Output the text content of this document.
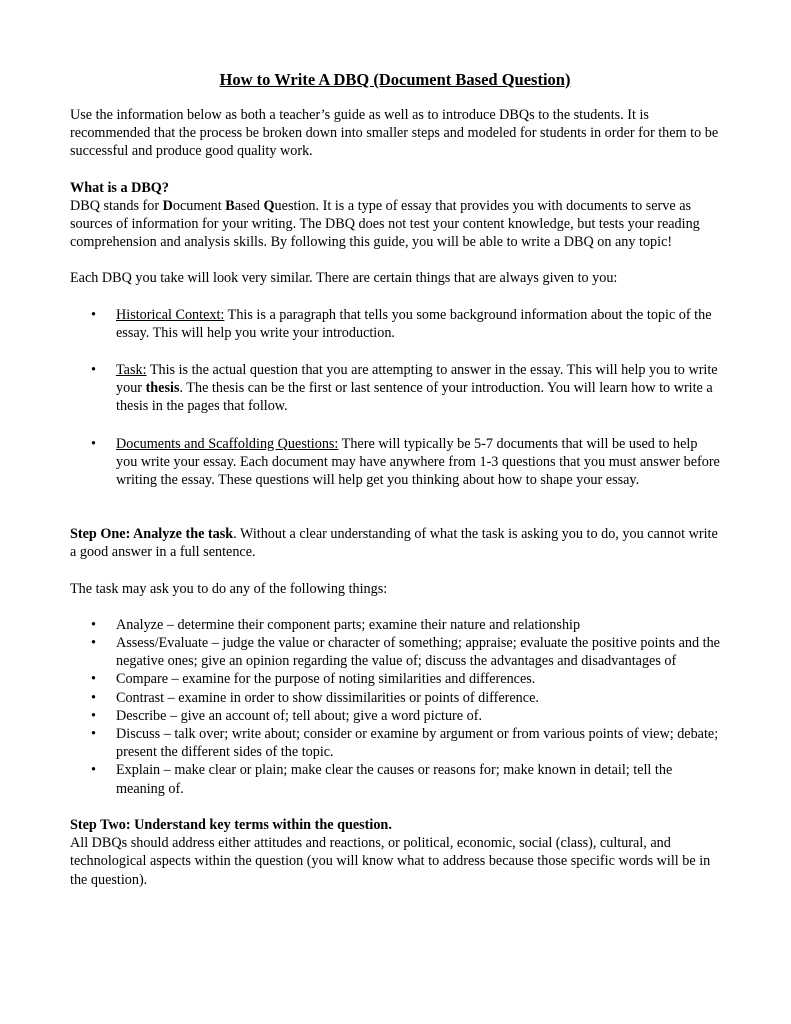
How to Write A DBQ (Document Based Question)

Use the information below as both a teacher’s guide as well as to introduce DBQs to the students. It is recommended that the process be broken down into smaller steps and modeled for students in order for them to be successful and produce good quality work.

What is a DBQ?

DBQ stands for Document Based Question. It is a type of essay that provides you with documents to serve as sources of information for your writing. The DBQ does not test your content knowledge, but tests your reading comprehension and analysis skills. By following this guide, you will be able to write a DBQ on any topic!

Each DBQ you take will look very similar. There are certain things that are always given to you:

• Historical Context: This is a paragraph that tells you some background information about the topic of the essay. This will help you write your introduction.
• Task: This is the actual question that you are attempting to answer in the essay. This will help you to write your thesis. The thesis can be the first or last sentence of your introduction. You will learn how to write a thesis in the pages that follow.
• Documents and Scaffolding Questions: There will typically be 5-7 documents that will be used to help you write your essay. Each document may have anywhere from 1-3 questions that you must answer before writing the essay. These questions will help get you thinking about how to shape your essay.

Step One: Analyze the task. Without a clear understanding of what the task is asking you to do, you cannot write a good answer in a full sentence.

The task may ask you to do any of the following things:

• Analyze – determine their component parts; examine their nature and relationship
• Assess/Evaluate – judge the value or character of something; appraise; evaluate the positive points and the negative ones; give an opinion regarding the value of; discuss the advantages and disadvantages of
• Compare – examine for the purpose of noting similarities and differences.
• Contrast – examine in order to show dissimilarities or points of difference.
• Describe – give an account of; tell about; give a word picture of.
• Discuss – talk over; write about; consider or examine by argument or from various points of view; debate; present the different sides of the topic.
• Explain – make clear or plain; make clear the causes or reasons for; make known in detail; tell the meaning of.

Step Two: Understand key terms within the question.

All DBQs should address either attitudes and reactions, or political, economic, social (class), cultural, and technological aspects within the question (you will know what to address because those specific words will be in the question).
